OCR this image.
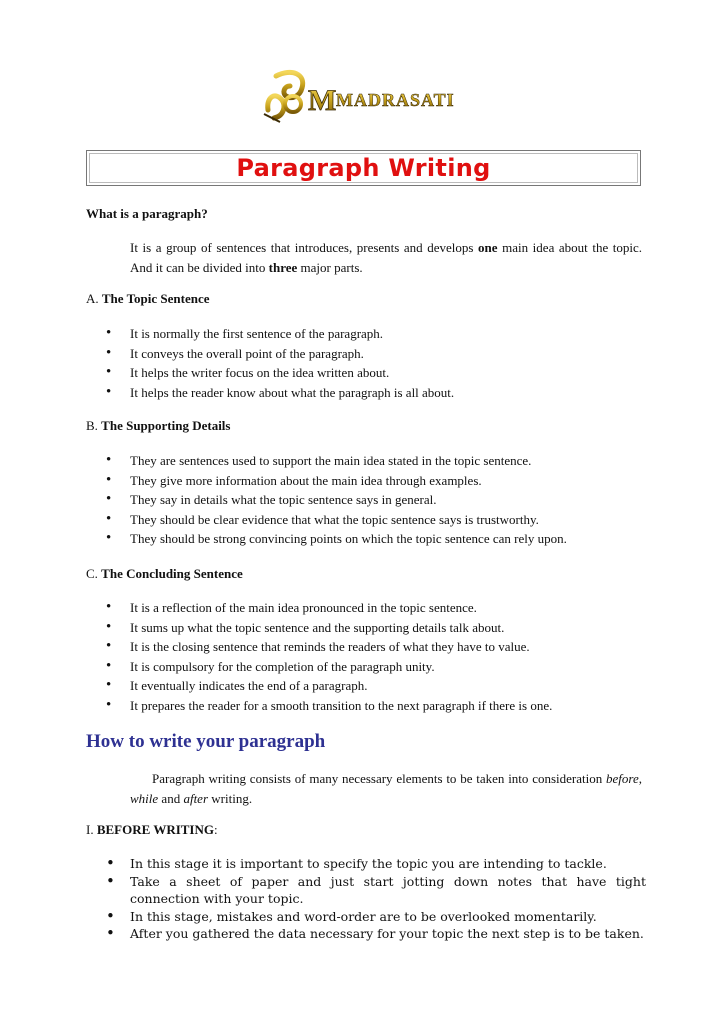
M MADRASATI
Paragraph Writing
What is a paragraph?
It is a group of sentences that introduces, presents and develops one main idea about the topic. And it can be divided into three major parts.
A. The Topic Sentence
• It is normally the first sentence of the paragraph.
• It conveys the overall point of the paragraph.
• It helps the writer focus on the idea written about.
• It helps the reader know about what the paragraph is all about.
B. The Supporting Details
• They are sentences used to support the main idea stated in the topic sentence.
• They give more information about the main idea through examples.
• They say in details what the topic sentence says in general.
• They should be clear evidence that what the topic sentence says is trustworthy.
• They should be strong convincing points on which the topic sentence can rely upon.
C. The Concluding Sentence
• It is a reflection of the main idea pronounced in the topic sentence.
• It sums up what the topic sentence and the supporting details talk about.
• It is the closing sentence that reminds the readers of what they have to value.
• It is compulsory for the completion of the paragraph unity.
• It eventually indicates the end of a paragraph.
• It prepares the reader for a smooth transition to the next paragraph if there is one.
How to write your paragraph
Paragraph writing consists of many necessary elements to be taken into consideration before, while and after writing.
I. BEFORE WRITING:
• In this stage it is important to specify the topic you are intending to tackle.
• Take a sheet of paper and just start jotting down notes that have tight connection with your topic.
• In this stage, mistakes and word-order are to be overlooked momentarily.
• After you gathered the data necessary for your topic the next step is to be taken.
